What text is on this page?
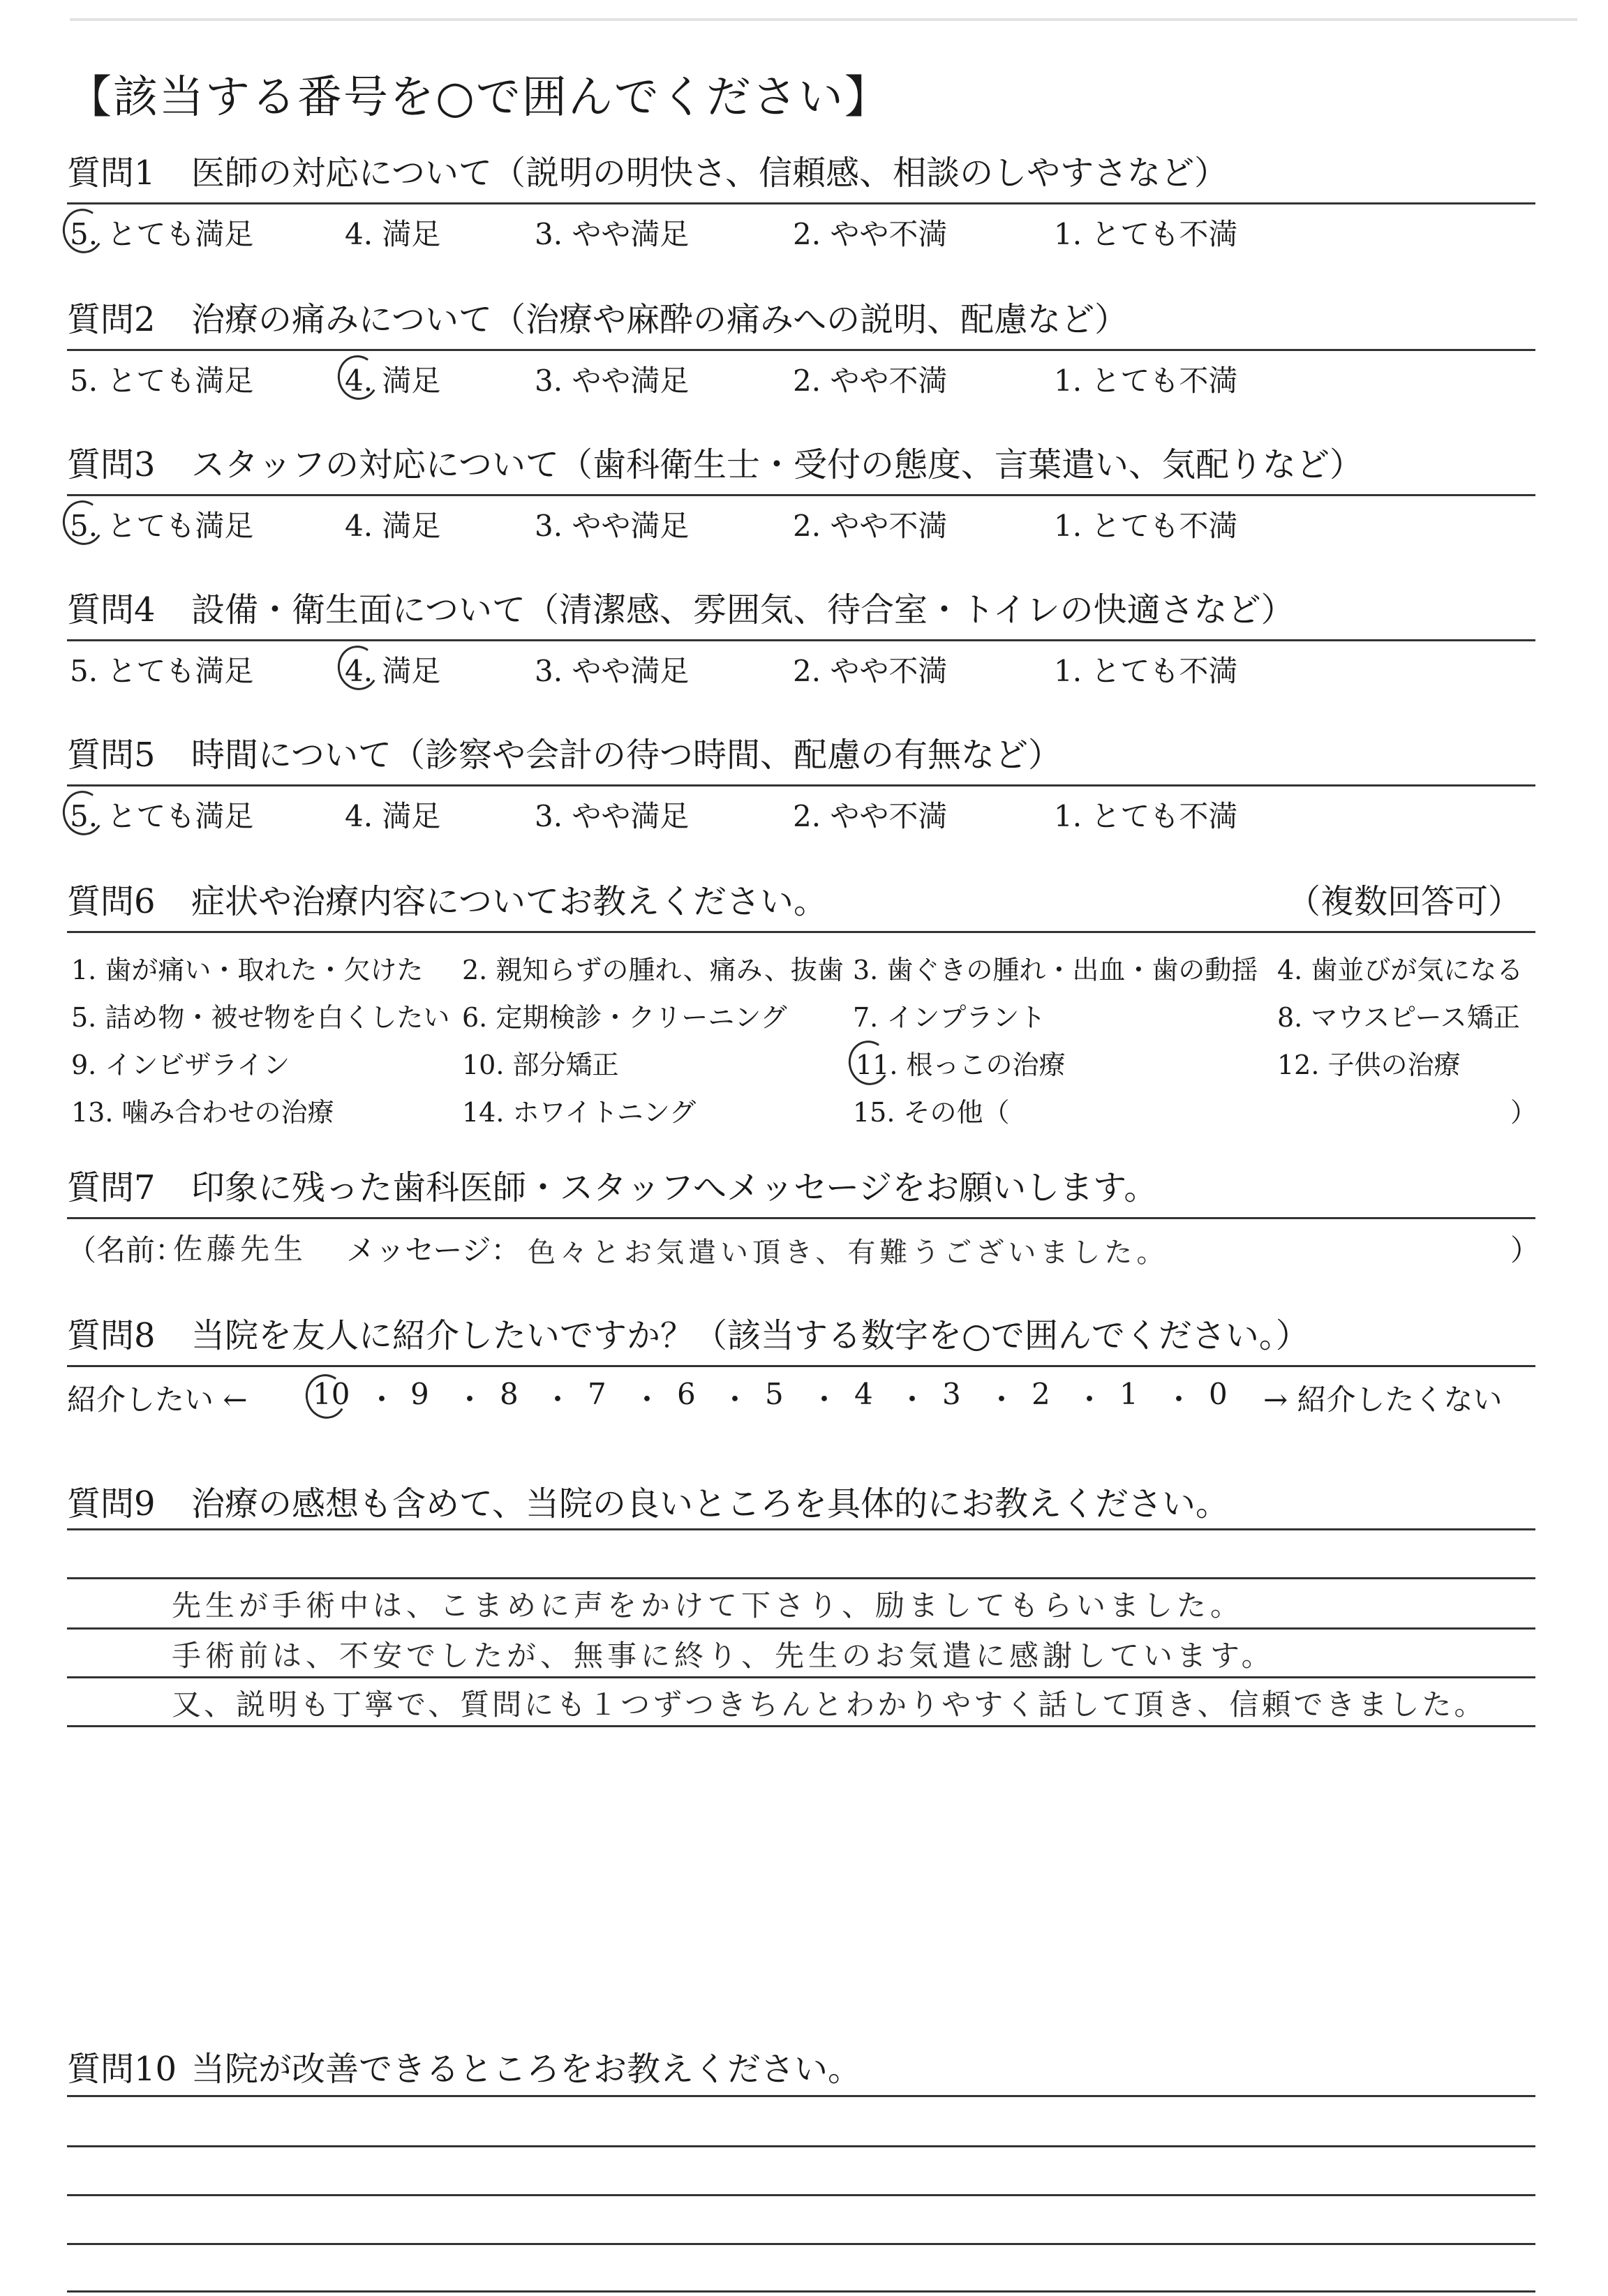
【該当する番号を○で囲んでください】
質問1 医師の対応について（説明の明快さ、信頼感、相談のしやすさなど）
5. とても満足	4. 満足	3. やや満足	2. やや不満	1. とても不満
質問2 治療の痛みについて（治療や麻酔の痛みへの説明、配慮など）
5. とても満足	4. 満足	3. やや満足	2. やや不満	1. とても不満
質問3 スタッフの対応について（歯科衛生士・受付の態度、言葉遣い、気配りなど）
5. とても満足	4. 満足	3. やや満足	2. やや不満	1. とても不満
質問4 設備・衛生面について（清潔感、雰囲気、待合室・トイレの快適さなど）
5. とても満足	4. 満足	3. やや満足	2. やや不満	1. とても不満
質問5 時間について（診察や会計の待つ時間、配慮の有無など）
5. とても満足	4. 満足	3. やや満足	2. やや不満	1. とても不満
質問6 症状や治療内容についてお教えください。	（複数回答可）
1. 歯が痛い・取れた・欠けた 2. 親知らずの腫れ、痛み、抜歯 3. 歯ぐきの腫れ・出血・歯の動揺 4. 歯並びが気になる
5. 詰め物・被せ物を白くしたい 6. 定期検診・クリーニング 7. インプラント	8. マウスピース矯正
9. インビザライン	10. 部分矯正	11. 根っこの治療	12. 子供の治療
13. 噛み合わせの治療	14. ホワイトニング	15. その他（	）
質問7 印象に残った歯科医師・スタッフへメッセージをお願いします。
（名前：
佐藤先生 メッセージ： 色々とお気遣い頂き、有難うございました。	）
質問8 当院を友人に紹介したいですか？（該当する数字を○で囲んでください。）
紹介したい ← 10 ・ 9 ・ 8 ・ 7 ・ 6 ・ 5 ・ 4 ・ 3 ・ 2 ・ 1 ・ 0 → 紹介したくない
質問9 治療の感想も含めて、当院の良いところを具体的にお教えください。
先生が手術中は、こまめに声をかけて下さり、励ましてもらいました。
手術前は、不安でしたが、無事に終り、先生のお気遣に感謝しています。
又、説明も丁寧で、質問にも１つずつきちんとわかりやすく話して頂き、信頼できました。
質問10 当院が改善できるところをお教えください。
